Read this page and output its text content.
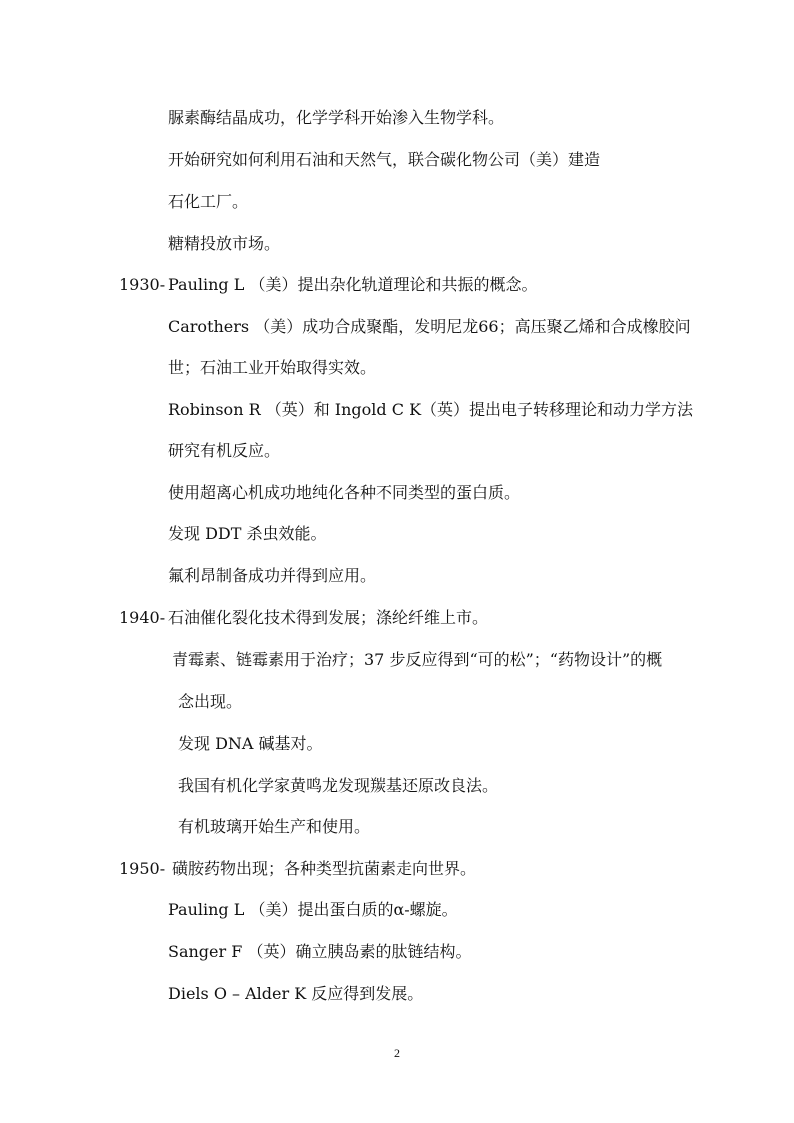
脲素酶结晶成功，化学学科开始渗入生物学科。
开始研究如何利用石油和天然气，联合碳化物公司（美）建造
石化工厂。
糖精投放市场。
1930- Pauling L （美）提出杂化轨道理论和共振的概念。
Carothers （美）成功合成聚酯，发明尼龙66；高压聚乙烯和合成橡胶问
世；石油工业开始取得实效。
Robinson R （英）和 Ingold C K（英）提出电子转移理论和动力学方法
研究有机反应。
使用超离心机成功地纯化各种不同类型的蛋白质。
发现 DDT 杀虫效能。
氟利昂制备成功并得到应用。
1940- 石油催化裂化技术得到发展；涤纶纤维上市。
青霉素、链霉素用于治疗；37 步反应得到“可的松”；“药物设计”的概
念出现。
发现 DNA 碱基对。
我国有机化学家黄鸣龙发现羰基还原改良法。
有机玻璃开始生产和使用。
1950- 磺胺药物出现；各种类型抗菌素走向世界。
Pauling L （美）提出蛋白质的α-螺旋。
Sanger F （英）确立胰岛素的肽链结构。
Diels O – Alder K 反应得到发展。
2
